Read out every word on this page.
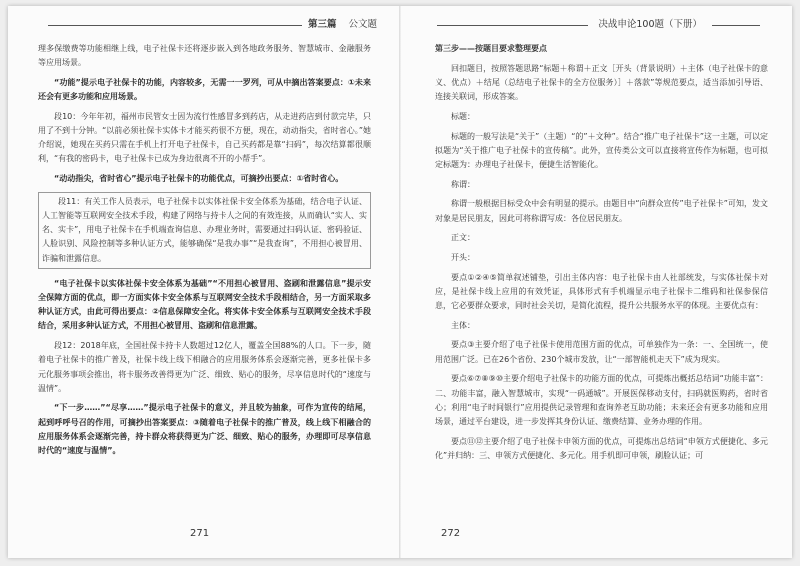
第三篇 公文题

理多保缴费等功能相继上线，电子社保卡还将逐步嵌入到各地政务服务、智慧城市、金融服务等应用场景。

“功能”提示电子社保卡的功能，内容较多，无需一一罗列，可从中摘出答案要点：①未来还会有更多功能和应用场景。

段10：今年年初，福州市民管女士因为流行性感冒多到药店，从走进药店到付款完毕，只用了不到十分钟。“以前必须社保卡实体卡才能买药很不方便，现在，动动指尖，省时省心。”她介绍说，她现在买药只需在手机上打开电子社保卡，自己买药都是靠“扫码”，每次结算都很顺利，“有我的密码卡，电子社保卡已成为身边很离不开的小帮手”。

“动动指尖，省时省心”提示电子社保卡的功能优点，可摘抄出要点：①省时省心。

段11：有关工作人员表示，电子社保卡以实体社保卡安全体系为基础，结合电子认证、人工智能等互联网安全技术手段，构建了网络与持卡人之间的有效连接，从而确认“实人、实名、实卡”，用电子社保卡在手机端查询信息、办理业务时，需要通过扫码认证、密码验证、人脸识别、风险控制等多种认证方式，能够确保“是我办事”“是我查询”，不用担心被冒用、诈骗和泄露信息。

“电子社保卡以实体社保卡安全体系为基础”“不用担心被冒用、盗刷和泄露信息”提示安全保障方面的优点，即一方面实体卡安全体系与互联网安全技术手段相结合，另一方面采取多种认证方式，由此可得出要点：②信息保障安全化。将实体卡安全体系与互联网安全技术手段结合，采用多种认证方式，不用担心被冒用、盗刷和信息泄露。

段12：2018年底，全国社保卡持卡人数超过12亿人，覆盖全国88%的人口。下一步，随着电子社保卡的推广普及，社保卡线上线下相融合的应用服务体系会逐渐完善，更多社保卡多元化服务事项会推出，将卡服务改善得更为广泛、细致、贴心的服务，尽享信息时代的“速度与温情”。

“下一步……”“尽享……”提示电子社保卡的意义，并且较为抽象，可作为宣传的结尾，起到呼呼号召的作用，可摘抄出答案要点：③随着电子社保卡的推广普及，线上线下相融合的应用服务体系会逐渐完善，持卡群众将获得更为广泛、细致、贴心的服务，办理即可尽享信息时代的“速度与温情”。

271
决战申论100题（下册）

第三步——按题目要求整理要点

回扣题目，按照答题思路“标题＋称谓＋正文［开头（背景说明）＋主体（电子社保卡的意义、优点）＋结尾（总结电子社保卡的全方位服务）］＋落款”等规范要点，适当添加引导语、连接关联词，形成答案。

标题：

标题的一般写法是“关于”（主题）“的”＋文种”。结合“推广电子社保卡”这一主题，可以定拟题为“关于推广电子社保卡的宣传稿”。此外，宣传类公文可以直接将宣传作为标题，也可拟定标题为：办理电子社保卡，便捷生活智能化。

称谓：

称谓一般根据目标受众中会有明显的提示。由题目中“向群众宣传”电子社保卡”可知，发文对象是居民朋友，因此可将称谓写成：各位居民朋友。

正文：

开头：

要点①②④⑤简单叙述铺垫，引出主体内容：电子社保卡由人社部统发，与实体社保卡对应，是社保卡线上应用的有效凭证，具体形式有手机端显示电子社保卡二维码和社保参保信息，它必要群众要求，同时社会关切，是简化流程，提升公共服务水平的体现。主要优点有：

主体：

要点③主要介绍了电子社保卡使用范围方面的优点，可单独作为一条：一、全国统一，使用范围广泛。已在26个省份、230个城市发放，让“一部智能机走天下”成为现实。

要点⑥⑦⑧⑨⑩主要介绍电子社保卡的功能方面的优点，可提炼出概括总结词“功能丰富”：二、功能丰富，融入智慧城市，实现“一码通城”。开展医保移动支付，扫码就医购药，省时省心；利用“电子时间银行”应用提供记录管理和查询养老互助功能；未来还会有更多功能和应用场景，通过平台建设，进一步发挥其身份认证、缴费结算、业务办理的作用。

要点⑪⑫主要介绍了电子社保卡申领方面的优点，可提炼出总结词“申领方式便捷化、多元化”并归纳：三、申领方式便捷化、多元化。用手机即可申领，刷脸认证；可

272
